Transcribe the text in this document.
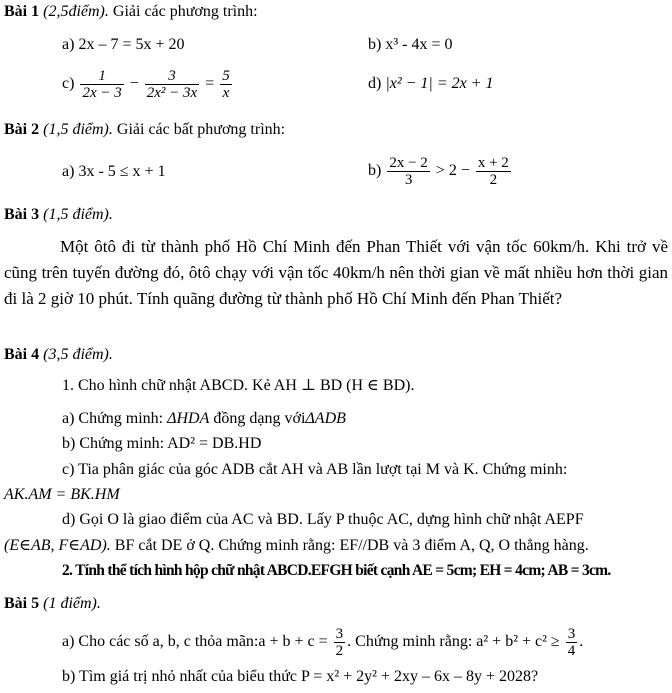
Bài 1 (2,5điểm). Giải các phương trình:
a) 2x – 7 = 5x + 20	b) x³ - 4x = 0
$c) \frac{1}{2x - 3} - \frac{3}{\text{2x² − 3x}} = \frac{5}{x}$	d) |x² − 1| = 2x + 1
Bài 2 (1,5 điểm). Giải các bất phương trình:
a) 3x - 5 ≤ x + 1	$b) \frac{2x - 2}{3} > 2 - \frac{x + 2}{2}$
Bài 3 (1,5 điểm).
Một ôtô đi từ thành phố Hồ Chí Minh đến Phan Thiết với vận tốc 60km/h. Khi trở về cũng trên tuyến đường đó, ôtô chạy với vận tốc 40km/h nên thời gian về mất nhiều hơn thời gian đi là 2 giờ 10 phút. Tính quãng đường từ thành phố Hồ Chí Minh đến Phan Thiết?
Bài 4 (3,5 điểm).
1. Cho hình chữ nhật ABCD. Kẻ AH ⊥ BD (H ∈ BD).
a) Chứng minh: ΔHDA đồng dạng vớiΔADB
b) Chứng minh: AD² = DB.HD
c) Tia phân giác của góc ADB cắt AH và AB lần lượt tại M và K. Chứng minh:
AK.AM = BK.HM
d) Gọi O là giao điểm của AC và BD. Lấy P thuộc AC, dựng hình chữ nhật AEPF
(E∈AB, F∈AD). BF cắt DE ở Q. Chứng minh rằng: EF//DB và 3 điểm A, Q, O thẳng hàng.
2. Tính thể tích hình hộp chữ nhật ABCD.EFGH biết cạnh AE = 5cm; EH = 4cm; AB = 3cm.
Bài 5 (1 điểm).
a) Cho các số a, b, c thỏa mãn:a + $b + c = \frac{3}{2}$ . Chứng minh rằng: $a^2 + b^2 + c^2 \ge \frac{3}{4}$ .
b) Tìm giá trị nhỏ nhất của biểu thức P = x² + 2y² + 2xy – 6x – 8y + 2028?
